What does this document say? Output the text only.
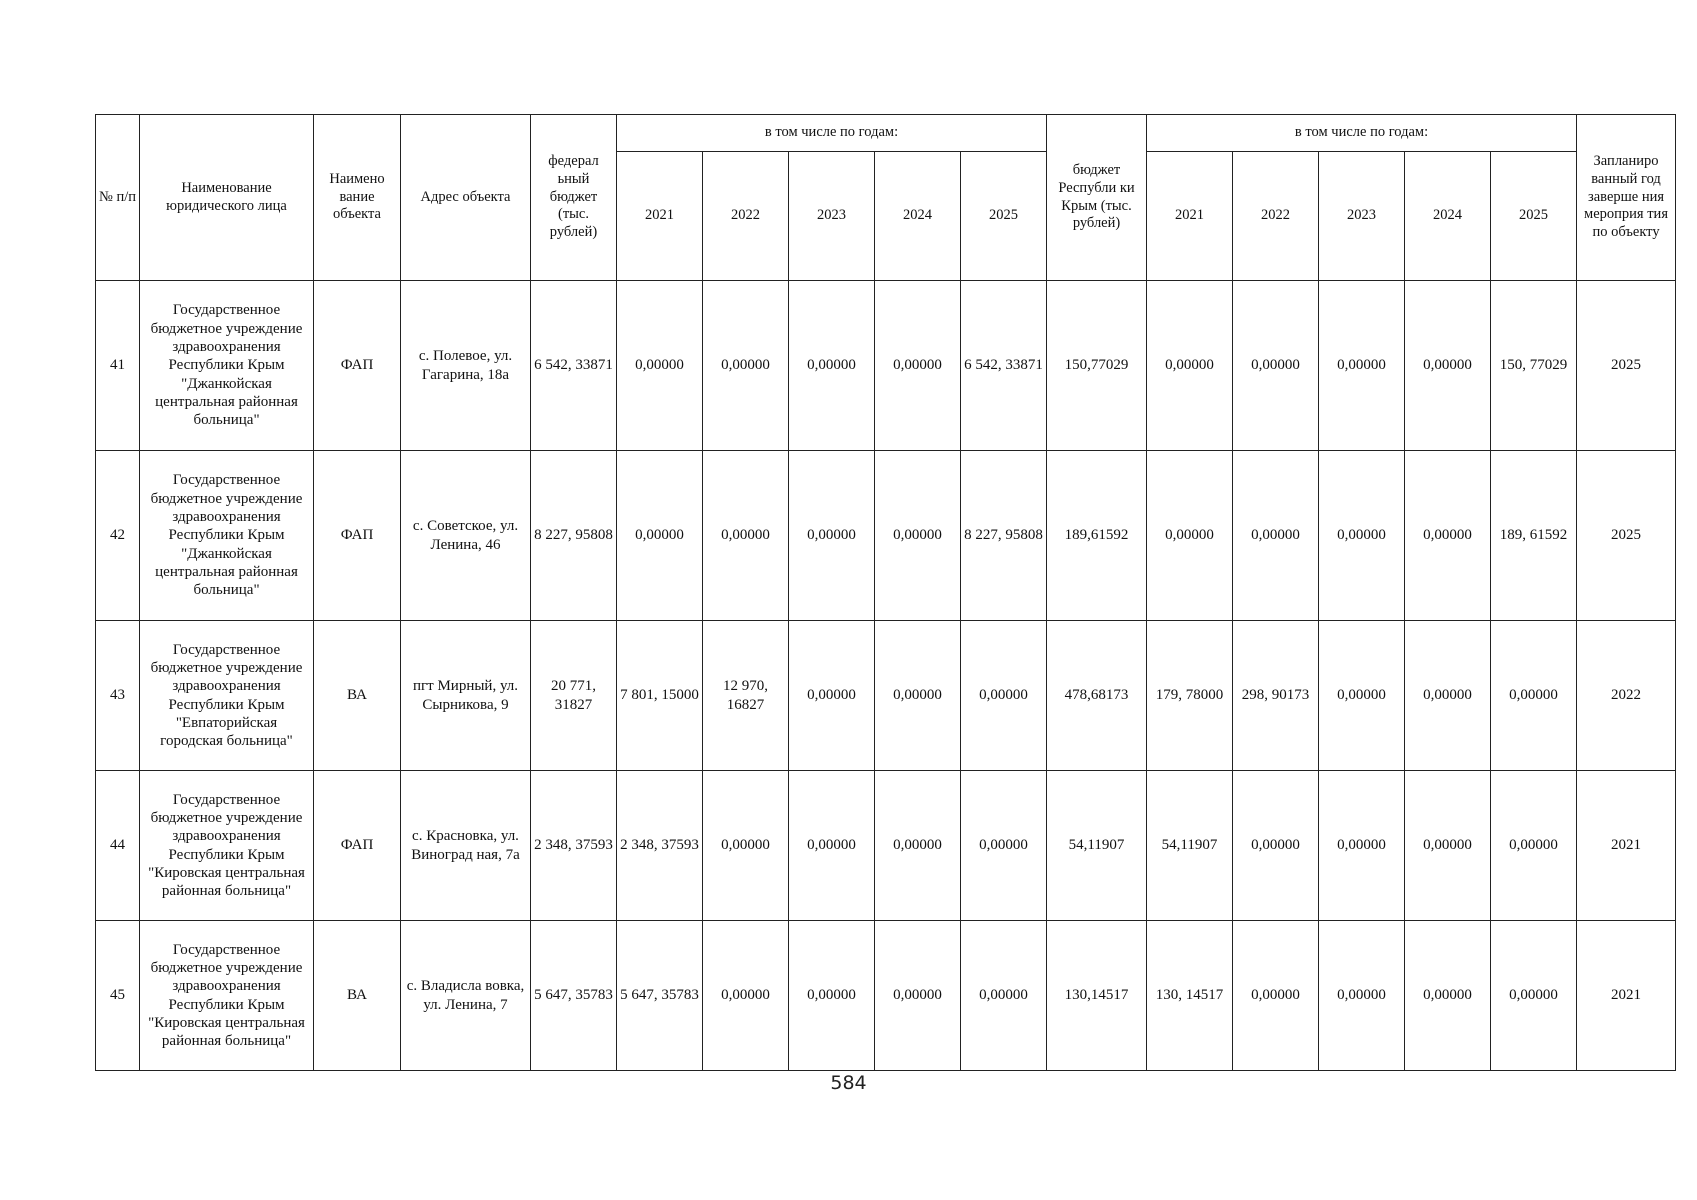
№ п/п	Наименование юридического лица	Наимено вание объекта	Адрес объекта	федерал ьный бюджет (тыс. рублей)	в том числе по годам:					бюджет Республи ки Крым (тыс. рублей)	в том числе по годам:					Запланиро ванный год заверше ния мероприя тия по объекту
					2021	2022	2023	2024	2025		2021	2022	2023	2024	2025	
41	Государственное бюджетное учреждение здравоохранения Республики Крым "Джанкойская центральная районная больница"	ФАП	с. Полевое, ул. Гагарина, 18а	6 542, 33871	0,00000	0,00000	0,00000	0,00000	6 542, 33871	150,77029	0,00000	0,00000	0,00000	0,00000	150, 77029	2025
42	Государственное бюджетное учреждение здравоохранения Республики Крым "Джанкойская центральная районная больница"	ФАП	с. Советское, ул. Ленина, 46	8 227, 95808	0,00000	0,00000	0,00000	0,00000	8 227, 95808	189,61592	0,00000	0,00000	0,00000	0,00000	189, 61592	2025
43	Государственное бюджетное учреждение здравоохранения Республики Крым "Евпаторийская городская больница"	ВА	пгт Мирный, ул. Сырникова, 9	20 771, 31827	7 801, 15000	12 970, 16827	0,00000	0,00000	0,00000	478,68173	179, 78000	298, 90173	0,00000	0,00000	0,00000	2022
44	Государственное бюджетное учреждение здравоохранения Республики Крым "Кировская центральная районная больница"	ФАП	с. Красновка, ул. Виноград ная, 7а	2 348, 37593	2 348, 37593	0,00000	0,00000	0,00000	0,00000	54,11907	54,11907	0,00000	0,00000	0,00000	0,00000	2021
45	Государственное бюджетное учреждение здравоохранения Республики Крым "Кировская центральная районная больница"	ВА	с. Владисла вовка, ул. Ленина, 7	5 647, 35783	5 647, 35783	0,00000	0,00000	0,00000	0,00000	130,14517	130, 14517	0,00000	0,00000	0,00000	0,00000	2021
584
